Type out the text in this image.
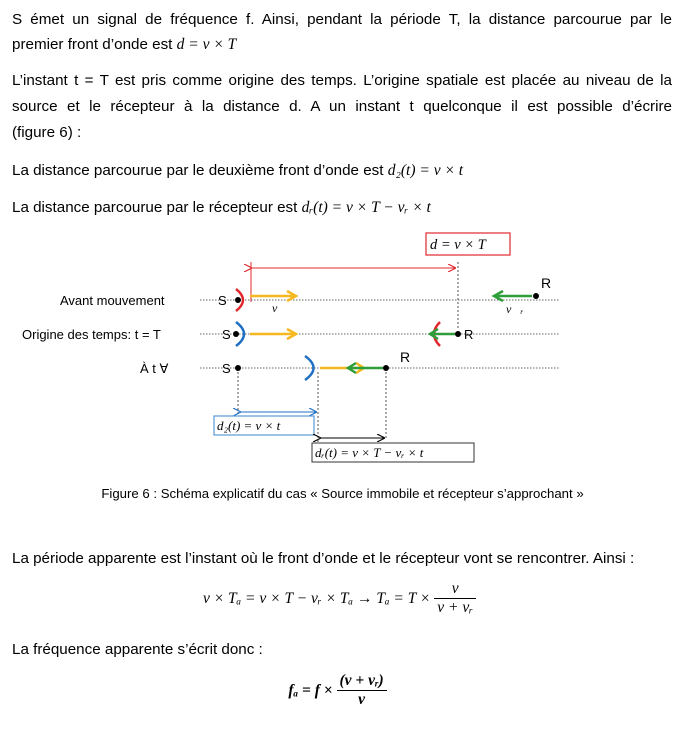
S émet un signal de fréquence f. Ainsi, pendant la période T, la distance parcourue par le

premier front d’onde est d = v × T

L’instant t = T est pris comme origine des temps. L’origine spatiale est placée au niveau de la

source et le récepteur à la distance d. A un instant t quelconque il est possible d’écrire

(figure 6) :

La distance parcourue par le deuxième front d’onde est d₂(t) = v × t

La distance parcourue par le récepteur est dᵣ(t) = v × T − vᵣ × t

d = v × T
Avant mouvement
Origine des temps: t = T
À t ∀
S	v⃗
R
v⃗ᵣ
S	R
S
R
d₂(t) = v × t
dᵣ(t) = v × T − vᵣ × t
Figure 6 : Schéma explicatif du cas « Source immobile et récepteur s’approchant »

La période apparente est l’instant où le front d’onde et le récepteur vont se rencontrer. Ainsi :

v × Tₐ = v × T − vᵣ × $T_a \to T_a = T \times \frac{v}{\text{v + vᵣ}}$

La fréquence apparente s’écrit donc :

$f_a = f \times \frac{\text{(v + vᵣ)}}{v}$
